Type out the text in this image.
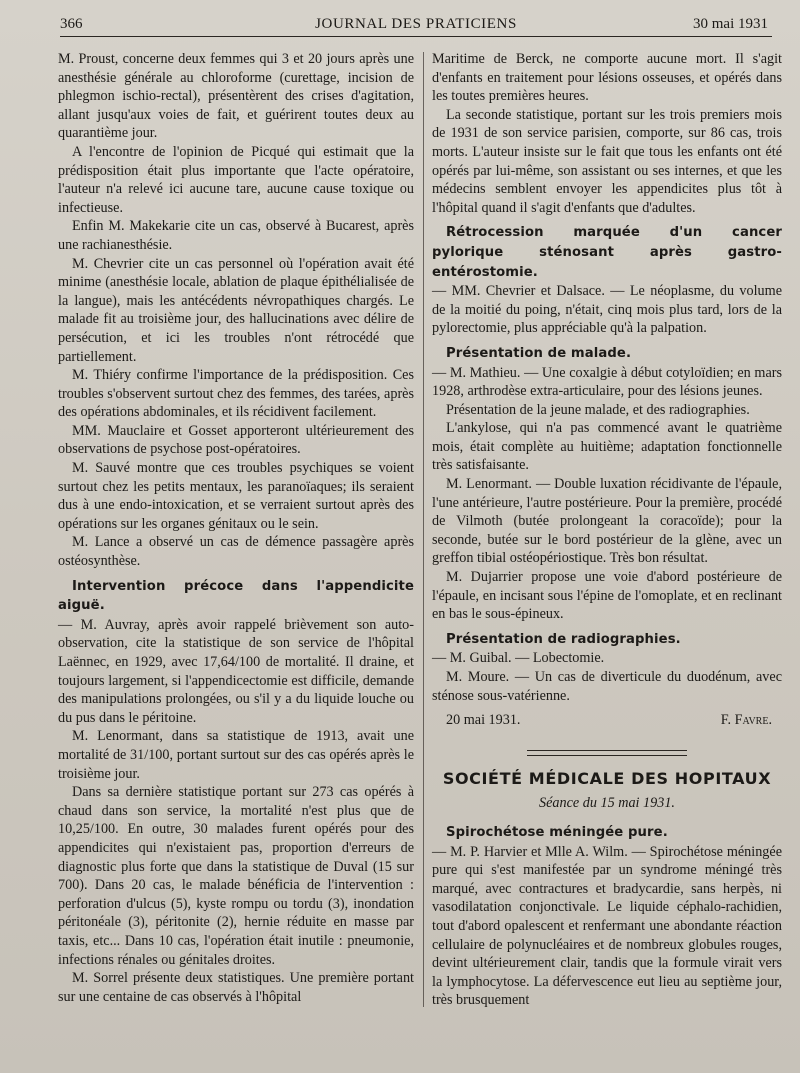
366	JOURNAL DES PRATICIENS	30 mai 1931

M. Proust, concerne deux femmes qui 3 et 20 jours après une anesthésie générale au chloroforme (curettage, incision de phlegmon ischio-rectal), présentèrent des crises d'agitation, allant jusqu'aux voies de fait, et guérirent toutes deux au quarantième jour.

A l'encontre de l'opinion de Picqué qui estimait que la prédisposition était plus importante que l'acte opératoire, l'auteur n'a relevé ici aucune tare, aucune cause toxique ou infectieuse.

Enfin M. Makekarie cite un cas, observé à Bucarest, après une rachianesthésie.

M. Chevrier cite un cas personnel où l'opération avait été minime (anesthésie locale, ablation de plaque épithélialisée de la langue), mais les antécédents névropathiques chargés. Le malade fit au troisième jour, des hallucinations avec délire de persécution, et ici les troubles n'ont rétrocédé que partiellement.

M. Thiéry confirme l'importance de la prédisposition. Ces troubles s'observent surtout chez des femmes, des tarées, après des opérations abdominales, et ils récidivent facilement.

MM. Mauclaire et Gosset apporteront ultérieurement des observations de psychose post-opératoires.

M. Sauvé montre que ces troubles psychiques se voient surtout chez les petits mentaux, les paranoïaques; ils seraient dus à une endo-intoxication, et se verraient surtout après des opérations sur les organes génitaux ou le sein.

M. Lance a observé un cas de démence passagère après ostéosynthèse.

Intervention précoce dans l'appendicite aiguë.

— M. Auvray, après avoir rappelé brièvement son auto-observation, cite la statistique de son service de l'hôpital Laënnec, en 1929, avec 17,64/100 de mortalité. Il draine, et toujours largement, si l'appendicectomie est difficile, demande des manipulations prolongées, ou s'il y a du liquide louche ou du pus dans le péritoine.

M. Lenormant, dans sa statistique de 1913, avait une mortalité de 31/100, portant surtout sur des cas opérés après le troisième jour.

Dans sa dernière statistique portant sur 273 cas opérés à chaud dans son service, la mortalité n'est plus que de 10,25/100. En outre, 30 malades furent opérés pour des appendicites qui n'existaient pas, proportion d'erreurs de diagnostic plus forte que dans la statistique de Duval (15 sur 700). Dans 20 cas, le malade bénéficia de l'intervention : perforation d'ulcus (5), kyste rompu ou tordu (3), inondation péritonéale (3), péritonite (2), hernie réduite en masse par taxis, etc... Dans 10 cas, l'opération était inutile : pneumonie, infections rénales ou génitales droites.

M. Sorrel présente deux statistiques. Une première portant sur une centaine de cas observés à l'hôpital

Maritime de Berck, ne comporte aucune mort. Il s'agit d'enfants en traitement pour lésions osseuses, et opérés dans les toutes premières heures.

La seconde statistique, portant sur les trois premiers mois de 1931 de son service parisien, comporte, sur 86 cas, trois morts. L'auteur insiste sur le fait que tous les enfants ont été opérés par lui-même, son assistant ou ses internes, et que les médecins semblent envoyer les appendicites plus tôt à l'hôpital quand il s'agit d'enfants que d'adultes.

Rétrocession marquée d'un cancer pylorique sténosant après gastro-entérostomie.

— MM. Chevrier et Dalsace. — Le néoplasme, du volume de la moitié du poing, n'était, cinq mois plus tard, lors de la pylorectomie, plus appréciable qu'à la palpation.

Présentation de malade.

— M. Mathieu. — Une coxalgie à début cotyloïdien; en mars 1928, arthrodèse extra-articulaire, pour des lésions jeunes.

Présentation de la jeune malade, et des radiographies.

L'ankylose, qui n'a pas commencé avant le quatrième mois, était complète au huitième; adaptation fonctionnelle très satisfaisante.

M. Lenormant. — Double luxation récidivante de l'épaule, l'une antérieure, l'autre postérieure. Pour la première, procédé de Vilmoth (butée prolongeant la coracoïde); pour la seconde, butée sur le bord postérieur de la glène, avec un greffon tibial ostéopériostique. Très bon résultat.

M. Dujarrier propose une voie d'abord postérieure de l'épaule, en incisant sous l'épine de l'omoplate, et en reclinant en bas le sous-épineux.

Présentation de radiographies.

— M. Guibal. — Lobectomie.

M. Moure. — Un cas de diverticule du duodénum, avec sténose sous-vatérienne.

20 mai 1931.	F. Favre.
SOCIÉTÉ MÉDICALE DES HOPITAUX
Séance du 15 mai 1931.

Spirochétose méningée pure.

— M. P. Harvier et Mlle A. Wilm. — Spirochétose méningée pure qui s'est manifestée par un syndrome méningé très marqué, avec contractures et bradycardie, sans herpès, ni vasodilatation conjonctivale. Le liquide céphalo-rachidien, tout d'abord opalescent et renfermant une abondante réaction cellulaire de polynucléaires et de nombreux globules rouges, devint ultérieurement clair, tandis que la formule virait vers la lymphocytose. La défervescence eut lieu au septième jour, très brusquement
